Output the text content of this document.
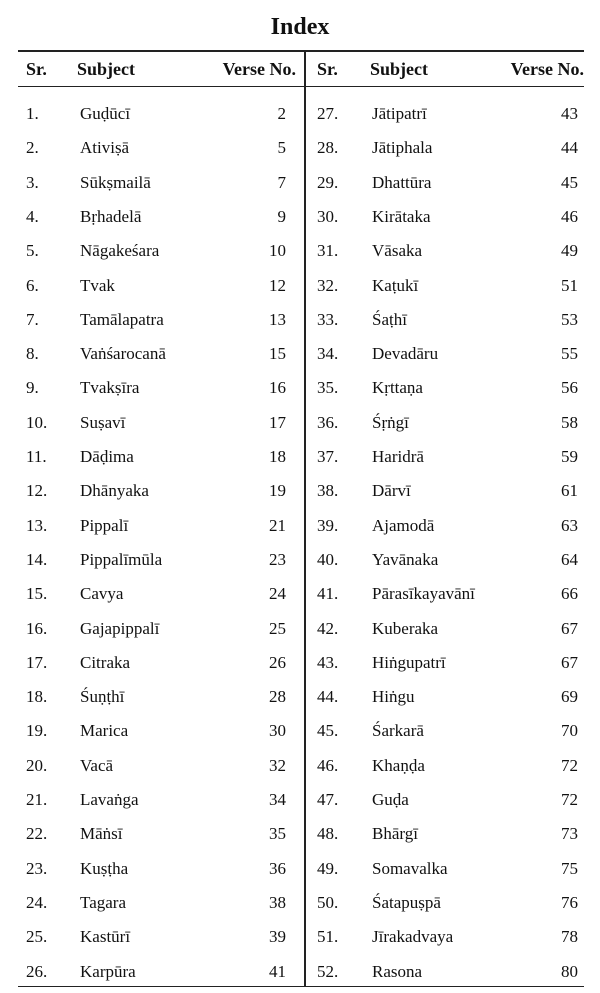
Index
Sr. Subject	Verse No. Sr. Subject	Verse No.
1. Guḍūcī	2 27. Jātipatrī	43
2. Ativiṣā	5 28. Jātiphala	44
3. Sūkṣmailā	7 29. Dhattūra	45
4. Bṛhadelā	9 30. Kirātaka	46
5. Nāgakeśara	10 31. Vāsaka	49
6. Tvak	12 32. Kaṭukī	51
7. Tamālapatra	13 33. Śaṭhī	53
8. Vaṅśarocanā	15 34. Devadāru	55
9. Tvakṣīra	16 35. Kṛttaṇa	56
10. Suṣavī	17 36. Śṛṅgī	58
11. Dāḍima	18 37. Haridrā	59
12. Dhānyaka	19 38. Dārvī	61
13. Pippalī	21 39. Ajamodā	63
14. Pippalīmūla	23 40. Yavānaka	64
15. Cavya	24 41. Pārasīkayavānī	66
16. Gajapippalī	25 42. Kuberaka	67
17. Citraka	26 43. Hiṅgupatrī	67
18. Śuṇṭhī	28 44. Hiṅgu	69
19. Marica	30 45. Śarkarā	70
20. Vacā	32 46. Khaṇḍa	72
21. Lavaṅga	34 47. Guḍa	72
22. Māṅsī	35 48. Bhārgī	73
23. Kuṣṭha	36 49. Somavalka	75
24. Tagara	38 50. Śatapuṣpā	76
25. Kastūrī	39 51. Jīrakadvaya	78
26. Karpūra	41 52. Rasona	80
